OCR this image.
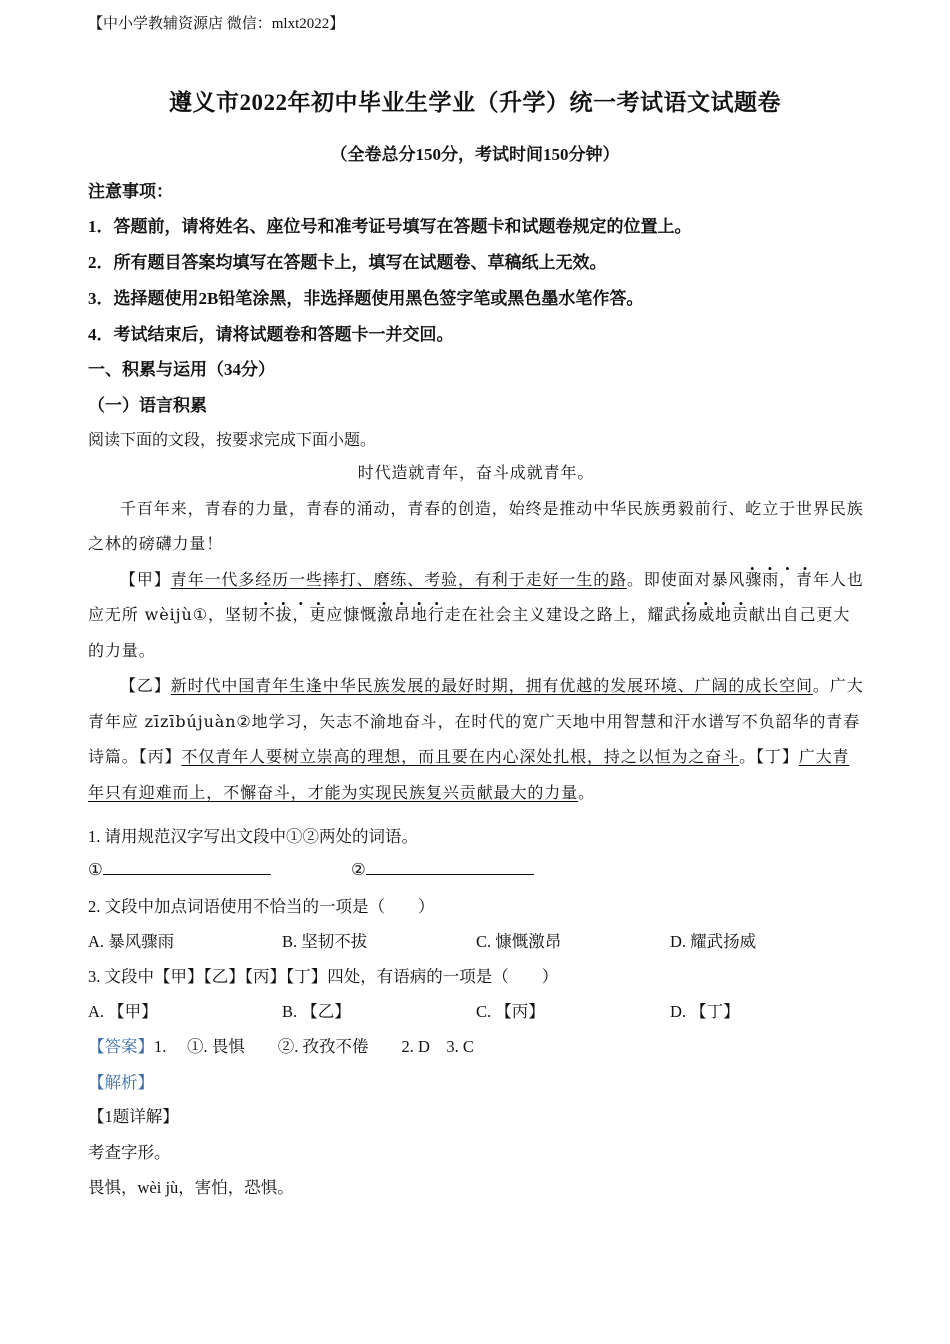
【中小学教辅资源店 微信：mlxt2022】
遵义市2022年初中毕业生学业（升学）统一考试语文试题卷
（全卷总分150分，考试时间150分钟）
注意事项：
1．答题前，请将姓名、座位号和准考证号填写在答题卡和试题卷规定的位置上。
2．所有题目答案均填写在答题卡上，填写在试题卷、草稿纸上无效。
3．选择题使用2B铅笔涂黑，非选择题使用黑色签字笔或黑色墨水笔作答。
4．考试结束后，请将试题卷和答题卡一并交回。
一、积累与运用（34分）
（一）语言积累
阅读下面的文段，按要求完成下面小题。

时代造就青年，奋斗成就青年。

千百年来，青春的力量，青春的涌动，青春的创造，始终是推动中华民族勇毅前行、屹立于世界民族之林的磅礴力量！

【甲】青年一代多经历一些摔打、磨练、考验，有利于走好一生的路。即使面对···· 暴风骤雨，青年人也应无所 wèijù①，···· 坚韧不拔，更应···· 慷慨激昂地行走在社会主义建设之路上，···· 耀武扬威地贡献出自己更大的力量。

【乙】新时代中国青年生逢中华民族发展的最好时期，拥有优越的发展环境、广阔的成长空间。广大青年应 zīzībújuàn②地学习，矢志不渝地奋斗，在时代的宽广天地中用智慧和汗水谱写不负韶华的青春诗篇。【丙】不仅青年人要树立崇高的理想，而且要在内心深处扎根，持之以恒为之奋斗。【丁】广大青年只有迎难而上，不懈奋斗，才能为实现民族复兴贡献最大的力量。

1. 请用规范汉字写出文段中①②两处的词语。
①	②
2. 文段中加点词语使用不恰当的一项是（　　）
A. 暴风骤雨	B. 坚韧不拔	C. 慷慨激昂	D. 耀武扬威
3. 文段中【甲】【乙】【丙】【丁】四处，有语病的一项是（　　）
A. 【甲】	B. 【乙】	C. 【丙】	D. 【丁】
【答案】1.　 ①. 畏惧　　②. 孜孜不倦　　2. D　3. C
【解析】
【1题详解】
考查字形。
畏惧，wèi jù，害怕，恐惧。
